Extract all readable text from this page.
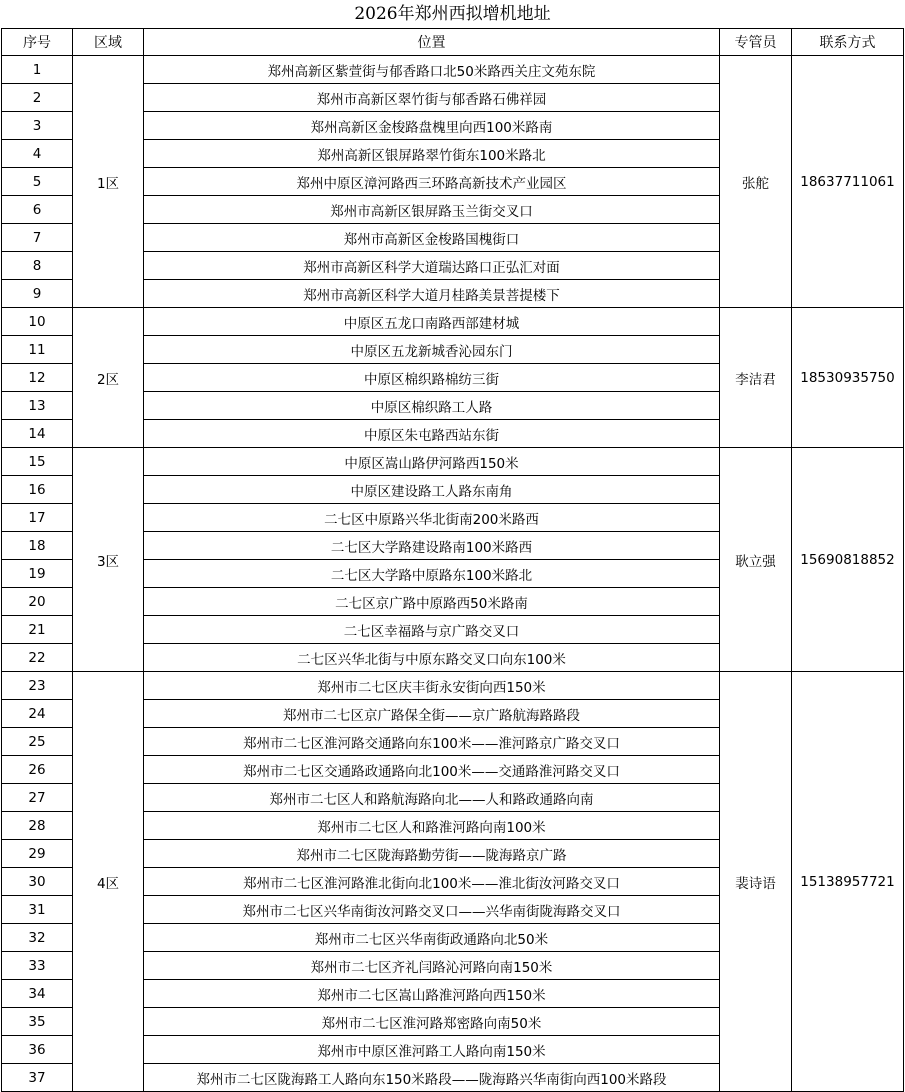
2026年郑州西拟增机地址
序号	区域	位置	专管员	联系方式
1	1区	郑州高新区紫萱街与郁香路口北50米路西关庄文苑东院	张舵	18637711061
2		郑州市高新区翠竹街与郁香路石佛祥园		
3		郑州高新区金梭路盘槐里向西100米路南		
4		郑州高新区银屏路翠竹街东100米路北		
5		郑州中原区漳河路西三环路高新技术产业园区		
6		郑州市高新区银屏路玉兰街交叉口		
7		郑州市高新区金梭路国槐街口		
8		郑州市高新区科学大道瑞达路口正弘汇对面		
9		郑州市高新区科学大道月桂路美景菩提楼下		
10	2区	中原区五龙口南路西部建材城	李洁君	18530935750
11		中原区五龙新城香沁园东门		
12		中原区棉织路棉纺三街		
13		中原区棉织路工人路		
14		中原区朱屯路西站东街		
15	3区	中原区嵩山路伊河路西150米	耿立强	15690818852
16		中原区建设路工人路东南角		
17		二七区中原路兴华北街南200米路西		
18		二七区大学路建设路南100米路西		
19		二七区大学路中原路东100米路北		
20		二七区京广路中原路西50米路南		
21		二七区幸福路与京广路交叉口		
22		二七区兴华北街与中原东路交叉口向东100米		
23	4区	郑州市二七区庆丰街永安街向西150米	裴诗语	15138957721
24		郑州市二七区京广路保全街——京广路航海路路段		
25		郑州市二七区淮河路交通路向东100米——淮河路京广路交叉口		
26		郑州市二七区交通路政通路向北100米——交通路淮河路交叉口		
27		郑州市二七区人和路航海路向北——人和路政通路向南		
28		郑州市二七区人和路淮河路向南100米		
29		郑州市二七区陇海路勤劳街——陇海路京广路		
30		郑州市二七区淮河路淮北街向北100米——淮北街汝河路交叉口		
31		郑州市二七区兴华南街汝河路交叉口——兴华南街陇海路交叉口		
32		郑州市二七区兴华南街政通路向北50米		
33		郑州市二七区齐礼闫路沁河路向南150米		
34		郑州市二七区嵩山路淮河路向西150米		
35		郑州市二七区淮河路郑密路向南50米		
36		郑州市中原区淮河路工人路向南150米		
37		郑州市二七区陇海路工人路向东150米路段——陇海路兴华南街向西100米路段		
